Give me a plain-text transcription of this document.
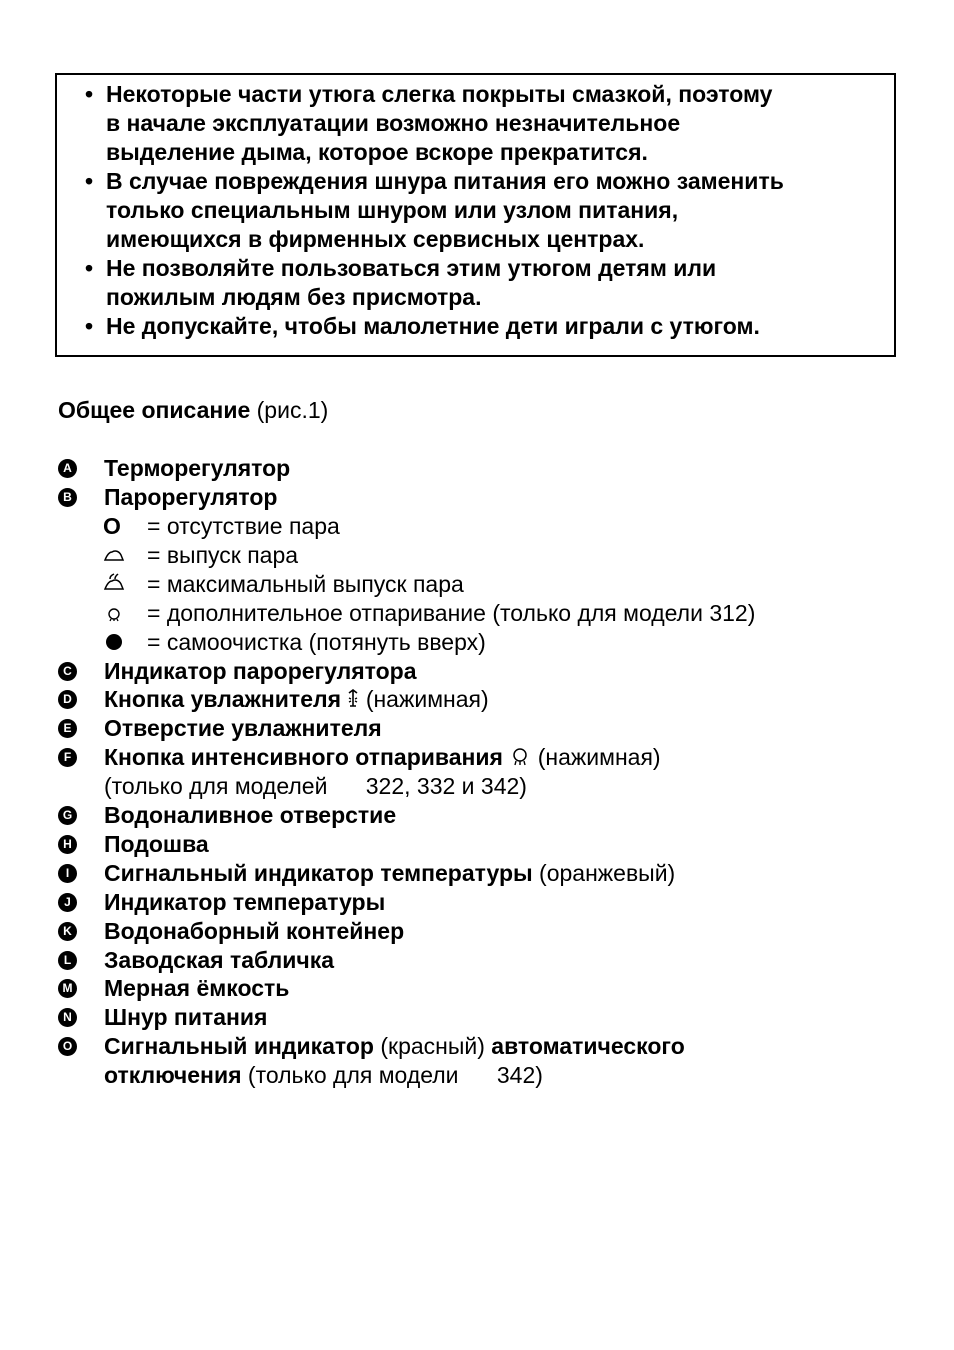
• Некоторые части утюга слегка покрыты смазкой, поэтому
в начале эксплуатации возможно незначительное
выделение дыма, которое вскоре прекратится.
• В случае повреждения шнура питания его можно заменить
только специальным шнуром или узлом питания,
имеющихся в фирменных сервисных центрах.
• Не позволяйте пользоваться этим утюгом детям или
пожилым людям без присмотра.
• Не допускайте, чтобы малолетние дети играли с утюгом.
Общее описание (рис.1)
A Терморегулятор
B Парорегулятор
O	= отсутствие пара
= выпуск пара
= максимальный выпуск пара
= дополнительное отпаривание (только для модели 312)
= самоочистка (потянуть вверх)
C Индикатор парорегулятора
D Кнопка увлажнителя (нажимная)
E Отверстие увлажнителя
F Кнопка интенсивного отпаривания (нажимная)
(только для моделей      322, 332 и 342)
G Водоналивное отверстие
H Подошва
I	Сигнальный индикатор температуры (оранжевый)
J Индикатор температуры
K Водонаборный контейнер
L Заводская табличка
M Мерная ёмкость
N Шнур питания
O Сигнальный индикатор (красный) автоматического
отключения (только для модели      342)
